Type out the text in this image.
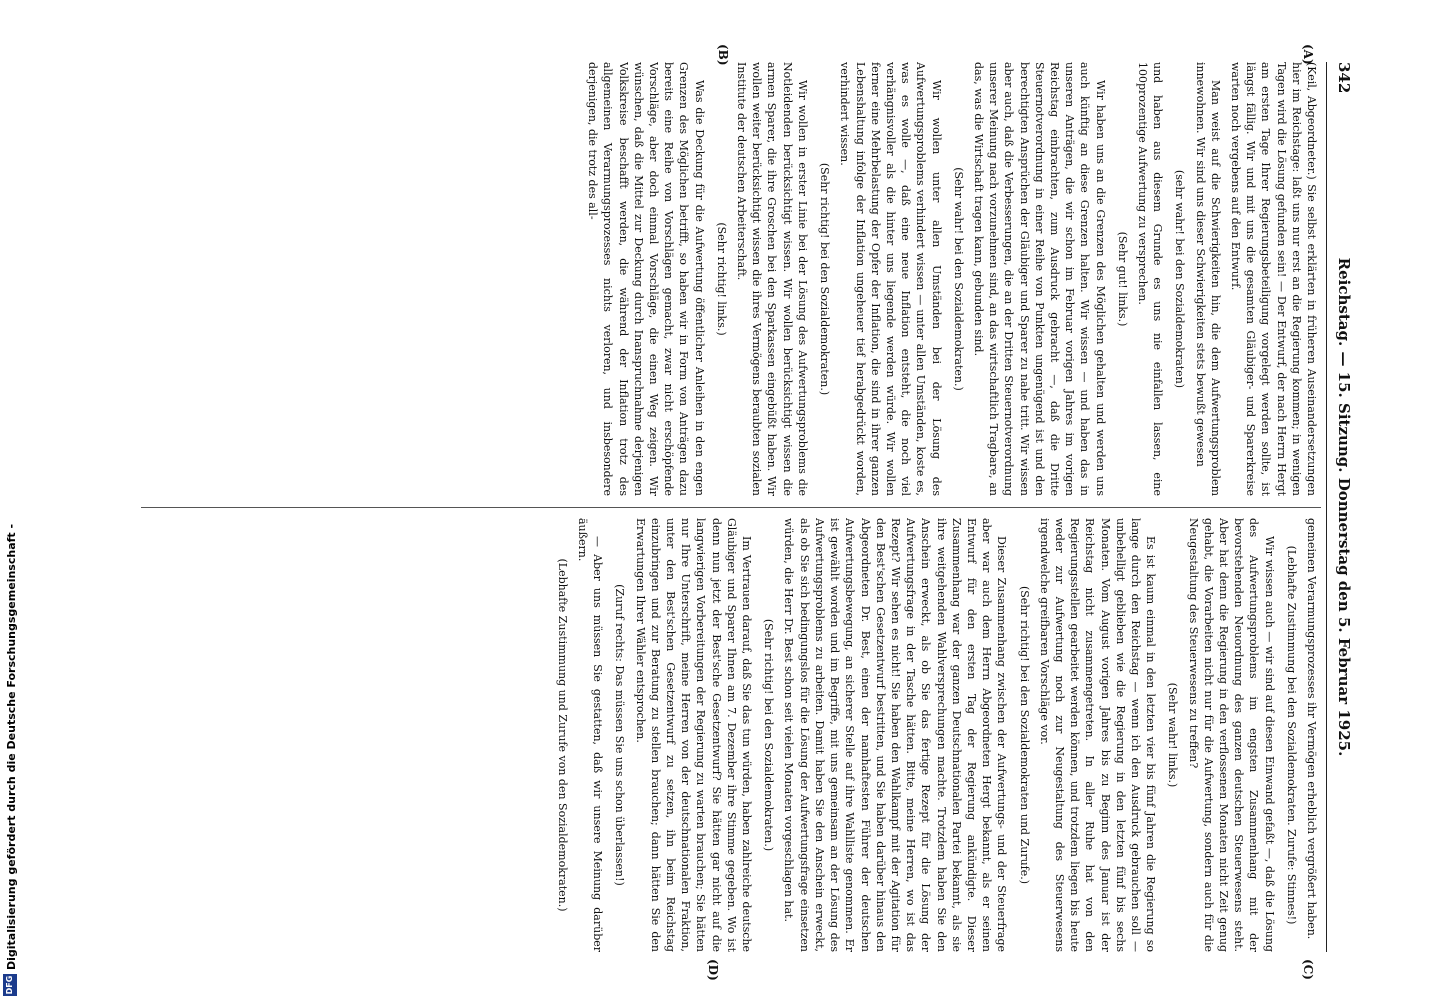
342
Reichstag. — 15. Sitzung. Donnerstag den 5. Februar 1925.
(A)
(B)
(C)
(D)

(Keil, Abgeordneter.) Sie selbst erklärten in früheren Auseinandersetzungen hier im Reichstage: laßt uns nur erst an die Regierung kommen; in wenigen Tagen wird die Lösung gefunden sein! — Der Entwurf, der nach Herrn Hergt am ersten Tage Ihrer Regierungsbeteiligung vorgelegt werden sollte, ist längst fällig. Wir und mit uns die gesamten Gläubiger- und Sparerkreise warten noch vergebens auf den Entwurf.

Man weist auf die Schwierigkeiten hin, die dem Aufwertungsproblem innewohnen. Wir sind uns dieser Schwierigkeiten stets bewußt gewesen

(sehr wahr! bei den Sozialdemokraten)

und haben aus diesem Grunde es uns nie einfallen lassen, eine 100prozentige Aufwertung zu versprechen.

(Sehr gut! links.)

Wir haben uns an die Grenzen des Möglichen gehalten und werden uns auch künftig an diese Grenzen halten. Wir wissen — und haben das in unseren Anträgen, die wir schon im Februar vorigen Jahres im vorigen Reichstag einbrachten, zum Ausdruck gebracht —, daß die Dritte Steuernotverordnung in einer Reihe von Punkten ungenügend ist und den berechtigten Ansprüchen der Gläubiger und Sparer zu nahe tritt. Wir wissen aber auch, daß die Verbesserungen, die an der Dritten Steuernotverordnung unserer Meinung nach vorzunehmen sind, an das wirtschaftlich Tragbare, an das, was die Wirtschaft tragen kann, gebunden sind.

(Sehr wahr! bei den Sozialdemokraten.)

Wir wollen unter allen Umständen bei der Lösung des Aufwertungsproblems verhindert wissen — unter allen Umständen, koste es, was es wolle —, daß eine neue Inflation entsteht, die noch viel verhängnisvoller als die hinter uns liegende werden würde. Wir wollen ferner eine Mehrbelastung der Opfer der Inflation, die sind in ihrer ganzen Lebenshaltung infolge der Inflation ungeheuer tief herabgedrückt worden, verhindert wissen.

(Sehr richtig! bei den Sozialdemokraten.)

Wir wollen in erster Linie bei der Lösung des Aufwertungsproblems die Notleidenden berücksichtigt wissen. Wir wollen berücksichtigt wissen die armen Sparer, die ihre Groschen bei den Sparkassen eingebüßt haben. Wir wollen weiter berücksichtigt wissen die ihres Vermögens beraubten sozialen Institute der deutschen Arbeiterschaft.

(Sehr richtig! links.)

Was die Deckung für die Aufwertung öffentlicher Anleihen in den engen Grenzen des Möglichen betrifft, so haben wir in Form von Anträgen dazu bereits eine Reihe von Vorschlägen gemacht, zwar nicht erschöpfende Vorschläge, aber doch einmal Vorschläge, die einen Weg zeigen. Wir wünschen, daß die Mittel zur Deckung durch Inanspruchnahme derjenigen Volkskreise beschafft werden, die während der Inflation trotz des allgemeinen Verarmungsprozesses nichts verloren, und insbesondere derjenigen, die trotz des all-

gemeinen Verarmungsprozesses ihr Vermögen erheblich vergrößert haben.

(Lebhafte Zustimmung bei den Sozialdemokraten. Zurufe: Stinnes!)

Wir wissen auch — wir sind auf diesen Einwand gefaßt —, daß die Lösung des Aufwertungsproblems im engsten Zusammenhang mit der bevorstehenden Neuordnung des ganzen deutschen Steuerwesens steht. Aber hat denn die Regierung in den verflossenen Monaten nicht Zeit genug gehabt, die Vorarbeiten nicht nur für die Aufwertung, sondern auch für die Neugestaltung des Steuerwesens zu treffen?

(Sehr wahr! links.)

Es ist kaum einmal in den letzten vier bis fünf Jahren die Regierung so lange durch den Reichstag — wenn ich den Ausdruck gebrauchen soll — unbehelligt geblieben wie die Regierung in den letzten fünf bis sechs Monaten. Vom August vorigen Jahres bis zu Beginn des Januar ist der Reichstag nicht zusammengetreten. In aller Ruhe hat von den Regierungsstellen gearbeitet werden können, und trotzdem liegen bis heute weder zur Aufwertung noch zur Neugestaltung des Steuerwesens irgendwelche greifbaren Vorschläge vor.

(Sehr richtig! bei den Sozialdemokraten und Zurufe.)

Dieser Zusammenhang zwischen der Aufwertungs- und der Steuerfrage aber war auch dem Herrn Abgeordneten Hergt bekannt, als er seinen Entwurf für den ersten Tag der Regierung ankündigte. Dieser Zusammenhang war der ganzen Deutschnationalen Partei bekannt, als sie ihre weitgehenden Wahlversprechungen machte. Trotzdem haben Sie den Anschein erweckt, als ob Sie das fertige Rezept für die Lösung der Aufwertungsfrage in der Tasche hätten. Bitte, meine Herren, wo ist das Rezept? Wir sehen es nicht! Sie haben den Wahlkampf mit der Agitation für den Best'schen Gesetzentwurf bestritten, und Sie haben darüber hinaus den Abgeordneten Dr. Best, einen der namhaftesten Führer der deutschen Aufwertungsbewegung, an sicherer Stelle auf ihre Wahlliste genommen. Er ist gewählt worden und im Begriffe, mit uns gemeinsam an der Lösung des Aufwertungsproblems zu arbeiten. Damit haben Sie den Anschein erweckt, als ob Sie sich bedingungslos für die Lösung der Aufwertungsfrage einsetzen würden, die Herr Dr. Best schon seit vielen Monaten vorgeschlagen hat.

(Sehr richtig! bei den Sozialdemokraten.)

Im Vertrauen darauf, daß Sie das tun würden, haben zahlreiche deutsche Gläubiger und Sparer Ihnen am 7. Dezember ihre Stimme gegeben. Wo ist denn nun jetzt der Best'sche Gesetzentwurf? Sie hätten gar nicht auf die langwierigen Vorbereitungen der Regierung zu warten brauchen; Sie hätten nur Ihre Unterschrift, meine Herren von der deutschnationalen Fraktion, unter den Best'schen Gesetzentwurf zu setzen, ihn beim Reichstag einzubringen und zur Beratung zu stellen brauchen; dann hätten Sie den Erwartungen Ihrer Wähler entsprochen.

(Zuruf rechts: Das müssen Sie uns schon überlassen!)

— Aber uns müssen Sie gestatten, daß wir unsere Meinung darüber äußern.

(Lebhafte Zustimmung und Zurufe von den Sozialdemokraten.)

DFG
Digitalisierung gefördert durch die Deutsche Forschungsgemeinschaft -
